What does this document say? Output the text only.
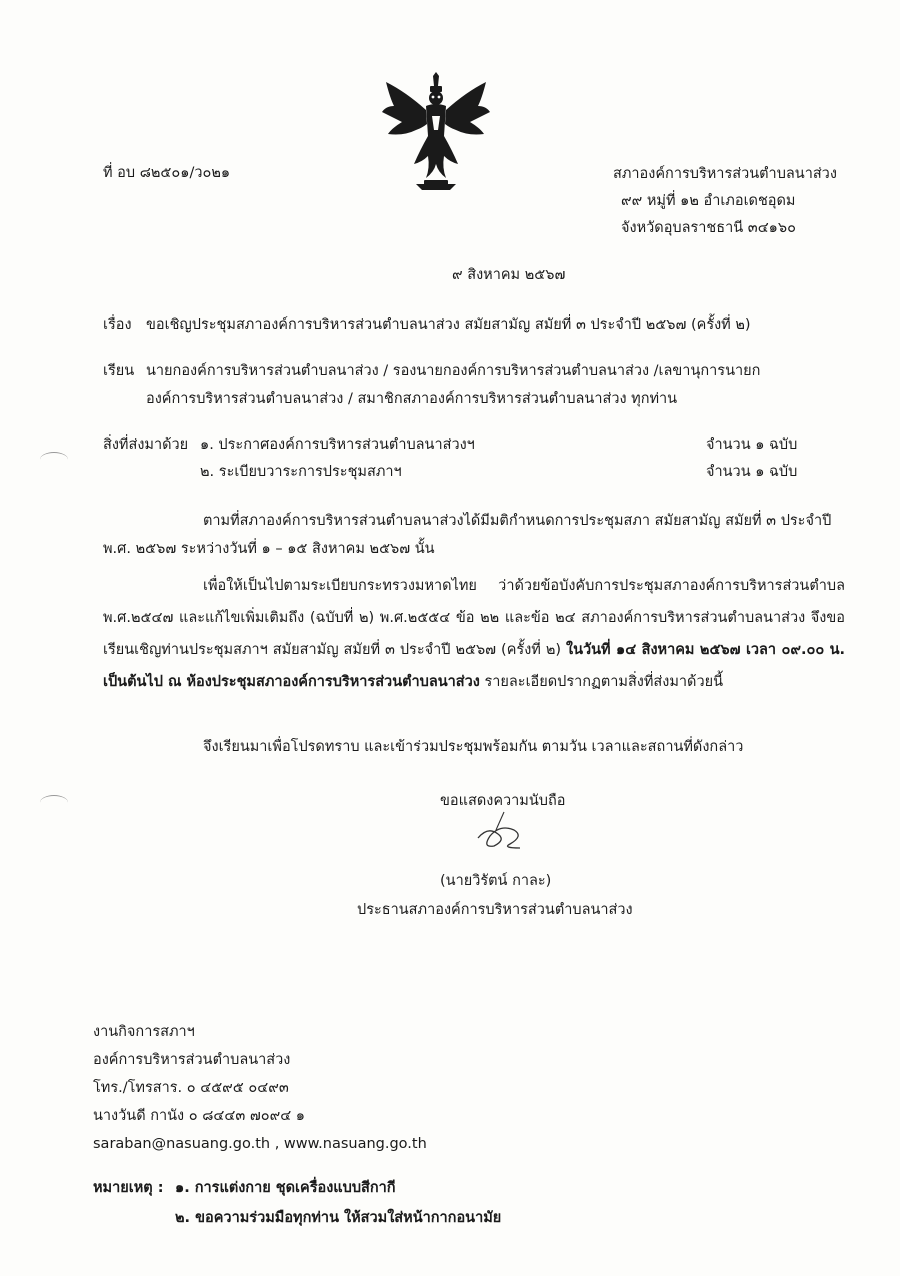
ที่ อบ ๘๒๕๐๑/ว๐๒๑	สภาองค์การบริหารส่วนตำบลนาส่วง
๙๙ หมู่ที่ ๑๒ อำเภอเดชอุดม
จังหวัดอุบลราชธานี ๓๔๑๖๐
๙ สิงหาคม ๒๕๖๗
เรื่อง ขอเชิญประชุมสภาองค์การบริหารส่วนตำบลนาส่วง สมัยสามัญ สมัยที่ ๓ ประจำปี ๒๕๖๗ (ครั้งที่ ๒)
เรียน นายกองค์การบริหารส่วนตำบลนาส่วง / รองนายกองค์การบริหารส่วนตำบลนาส่วง /เลขานุการนายก
องค์การบริหารส่วนตำบลนาส่วง / สมาชิกสภาองค์การบริหารส่วนตำบลนาส่วง ทุกท่าน
สิ่งที่ส่งมาด้วย ๑. ประกาศองค์การบริหารส่วนตำบลนาส่วงฯ	จำนวน ๑ ฉบับ
๒. ระเบียบวาระการประชุมสภาฯ	จำนวน ๑ ฉบับ
ตามที่สภาองค์การบริหารส่วนตำบลนาส่วงได้มีมติกำหนดการประชุมสภา สมัยสามัญ สมัยที่ ๓ ประจำปี
พ.ศ. ๒๕๖๗ ระหว่างวันที่ ๑ – ๑๕ สิงหาคม ๒๕๖๗ นั้น

เพื่อให้เป็นไปตามระเบียบกระทรวงมหาดไทย ว่าด้วยข้อบังคับการประชุมสภาองค์การบริหารส่วนตำบล พ.ศ.๒๕๔๗ และแก้ไขเพิ่มเติมถึง (ฉบับที่ ๒) พ.ศ.๒๕๕๔ ข้อ ๒๒ และข้อ ๒๔ สภาองค์การบริหารส่วนตำบลนาส่วง จึงขอเรียนเชิญท่านประชุมสภาฯ สมัยสามัญ สมัยที่ ๓ ประจำปี ๒๕๖๗ (ครั้งที่ ๒) ในวันที่ ๑๔ สิงหาคม ๒๕๖๗ เวลา ๐๙.๐๐ น. เป็นต้นไป ณ ห้องประชุมสภาองค์การบริหารส่วนตำบลนาส่วง รายละเอียดปรากฏตามสิ่งที่ส่งมาด้วยนี้

จึงเรียนมาเพื่อโปรดทราบ และเข้าร่วมประชุมพร้อมกัน ตามวัน เวลาและสถานที่ดังกล่าว
ขอแสดงความนับถือ
(นายวิรัตน์ กาละ)
ประธานสภาองค์การบริหารส่วนตำบลนาส่วง
งานกิจการสภาฯ
องค์การบริหารส่วนตำบลนาส่วง
โทร./โทรสาร. ๐ ๔๕๙๕ ๐๔๙๓
นางวันดี กานัง ๐ ๘๔๔๓ ๗๐๙๔ ๑
saraban@nasuang.go.th , www.nasuang.go.th
หมายเหตุ : ๑. การแต่งกาย ชุดเครื่องแบบสีกากี
๒. ขอความร่วมมือทุกท่าน ให้สวมใส่หน้ากากอนามัย
